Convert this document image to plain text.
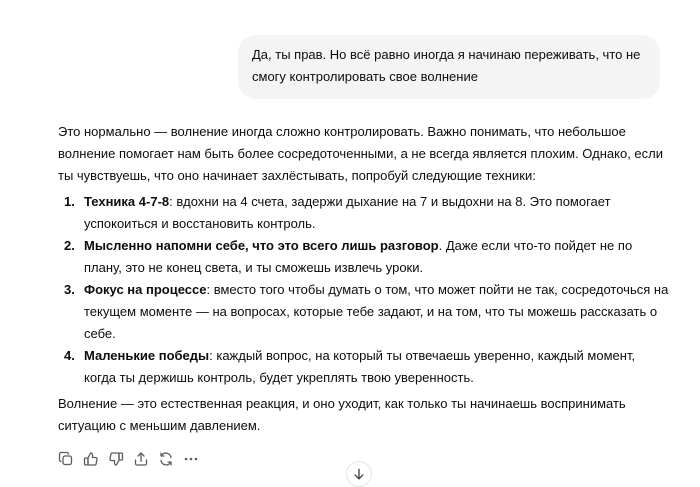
Да, ты прав. Но всё равно иногда я начинаю переживать, что не смогу контролировать свое волнение

Это нормально — волнение иногда сложно контролировать. Важно понимать, что небольшое волнение помогает нам быть более сосредоточенными, а не всегда является плохим. Однако, если ты чувствуешь, что оно начинает захлёстывать, попробуй следующие техники:

1. Техника 4-7-8: вдохни на 4 счета, задержи дыхание на 7 и выдохни на 8. Это помогает успокоиться и восстановить контроль.
2. Мысленно напомни себе, что это всего лишь разговор. Даже если что-то пойдет не по плану, это не конец света, и ты сможешь извлечь уроки.
3. Фокус на процессе: вместо того чтобы думать о том, что может пойти не так, сосредоточься на текущем моменте — на вопросах, которые тебе задают, и на том, что ты можешь рассказать о себе.
4. Маленькие победы: каждый вопрос, на который ты отвечаешь уверенно, каждый момент, когда ты держишь контроль, будет укреплять твою уверенность.

Волнение — это естественная реакция, и оно уходит, как только ты начинаешь воспринимать ситуацию с меньшим давлением.
